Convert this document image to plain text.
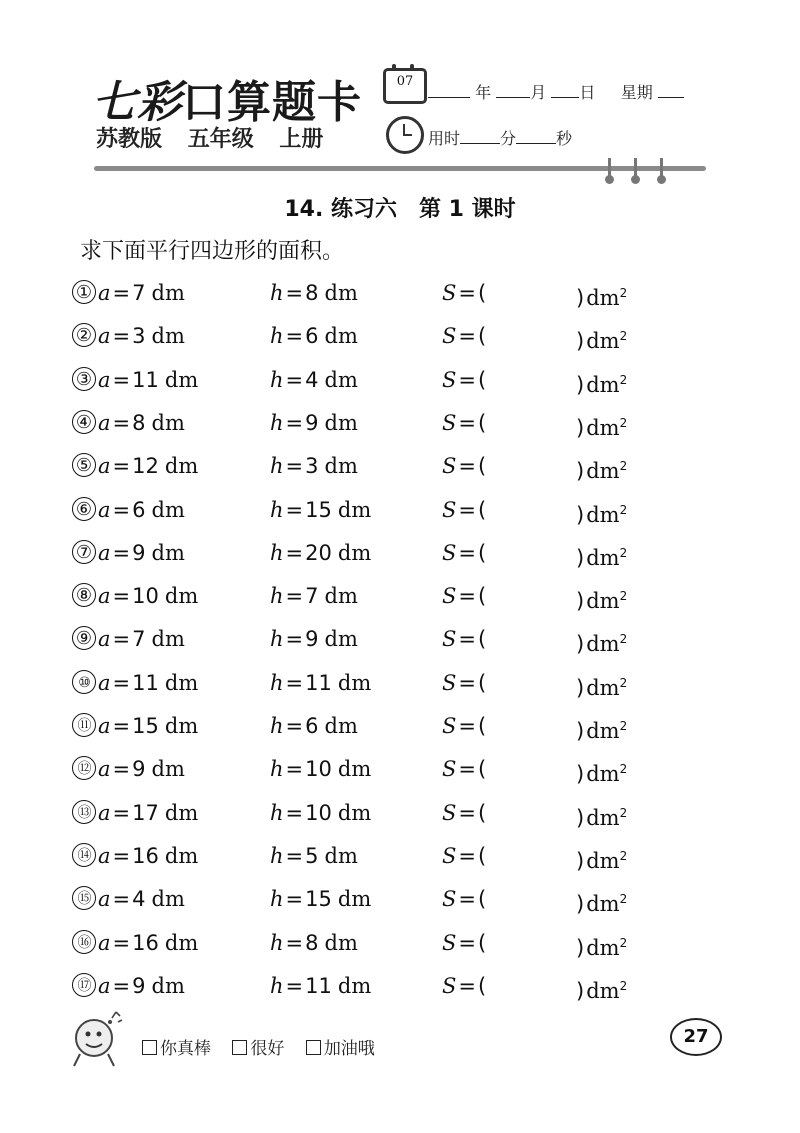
七彩口算题卡
苏教版 五年级 上册
07
年 月 日 星期
用时	分	秒
14. 练习六　第 1 课时
求下面平行四边形的面积。
① a=7 dm	h=8 dm	S=(	)$dm^2$
② a=3 dm	h=6 dm	S=(	)$dm^2$
③ a=11 dm	h=4 dm	S=(	)$dm^2$
④ a=8 dm	h=9 dm	S=(	)$dm^2$
⑤ a=12 dm	h=3 dm	S=(	)$dm^2$
⑥ a=6 dm	h=15 dm	S=(	)$dm^2$
⑦ a=9 dm	h=20 dm	S=(	)$dm^2$
⑧ a=10 dm	h=7 dm	S=(	)$dm^2$
⑨ a=7 dm	h=9 dm	S=(	)$dm^2$
⑩ a=11 dm	h=11 dm	S=(	)$dm^2$
⑪ a=15 dm	h=6 dm	S=(	)$dm^2$
⑫ a=9 dm	h=10 dm	S=(	)$dm^2$
⑬ a=17 dm	h=10 dm	S=(	)$dm^2$
⑭ a=16 dm	h=5 dm	S=(	)$dm^2$
⑮ a=4 dm	h=15 dm	S=(	)$dm^2$
⑯ a=16 dm	h=8 dm	S=(	)$dm^2$
⑰ a=9 dm	h=11 dm	S=(	)$dm^2$
你真棒 很好 加油哦
27
